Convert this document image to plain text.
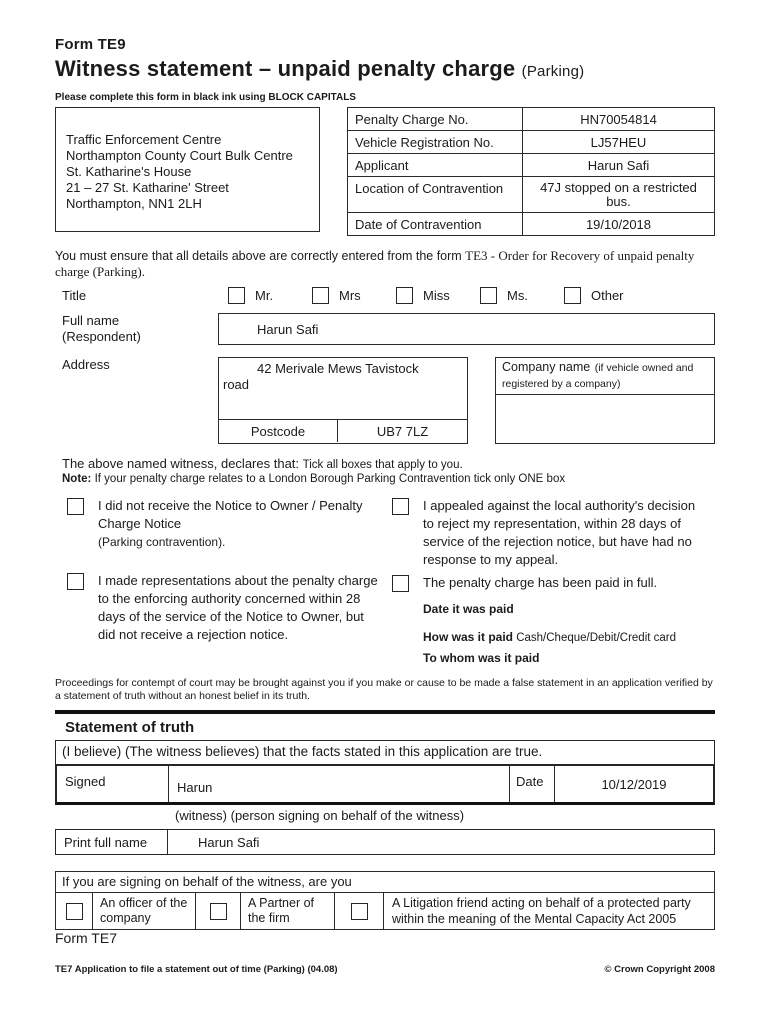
Form TE9
Witness statement – unpaid penalty charge (Parking)
Please complete this form in black ink using BLOCK CAPITALS
Traffic Enforcement Centre
Northampton County Court Bulk Centre
St. Katharine's House
21 – 27 St. Katharine' Street
Northampton, NN1 2LH
Penalty Charge No.	HN70054814
Vehicle Registration No.	LJ57HEU
Applicant	Harun Safi
Location of Contravention	47J stopped on a restricted bus.
Date of Contravention	19/10/2018
You must ensure that all details above are correctly entered from the form TE3 - Order for Recovery of unpaid penalty charge (Parking).
Title	Mr.	Mrs	Miss	Ms.	Other
Full name
(Respondent)	Harun Safi
Address	42 Merivale Mews Tavistock road
Postcode	UB7 7LZ
Company name (if vehicle owned and registered by a company)
The above named witness, declares that: Tick all boxes that apply to you.
Note: If your penalty charge relates to a London Borough Parking Contravention tick only ONE box
I did not receive the Notice to Owner / Penalty Charge Notice
(Parking contravention).
I made representations about the penalty charge to the enforcing authority concerned within 28 days of the service of the Notice to Owner, but did not receive a rejection notice.
I appealed against the local authority's decision to reject my representation, within 28 days of service of the rejection notice, but have had no response to my appeal.
The penalty charge has been paid in full.
Date it was paid
How was it paid Cash/Cheque/Debit/Credit card
To whom was it paid
Proceedings for contempt of court may be brought against you if you make or cause to be made a false statement in an application verified by a statement of truth without an honest belief in its truth.
Statement of truth
(I believe) (The witness believes) that the facts stated in this application are true.
Signed	Harun	Date	10/12/2019
(witness) (person signing on behalf of the witness)
Print full name	Harun Safi
If you are signing on behalf of the witness, are you
An officer of the company
A Partner of the firm
A Litigation friend acting on behalf of a protected party within the meaning of the Mental Capacity Act 2005
Form TE7
TE7 Application to file a statement out of time (Parking) (04.08)	© Crown Copyright 2008
